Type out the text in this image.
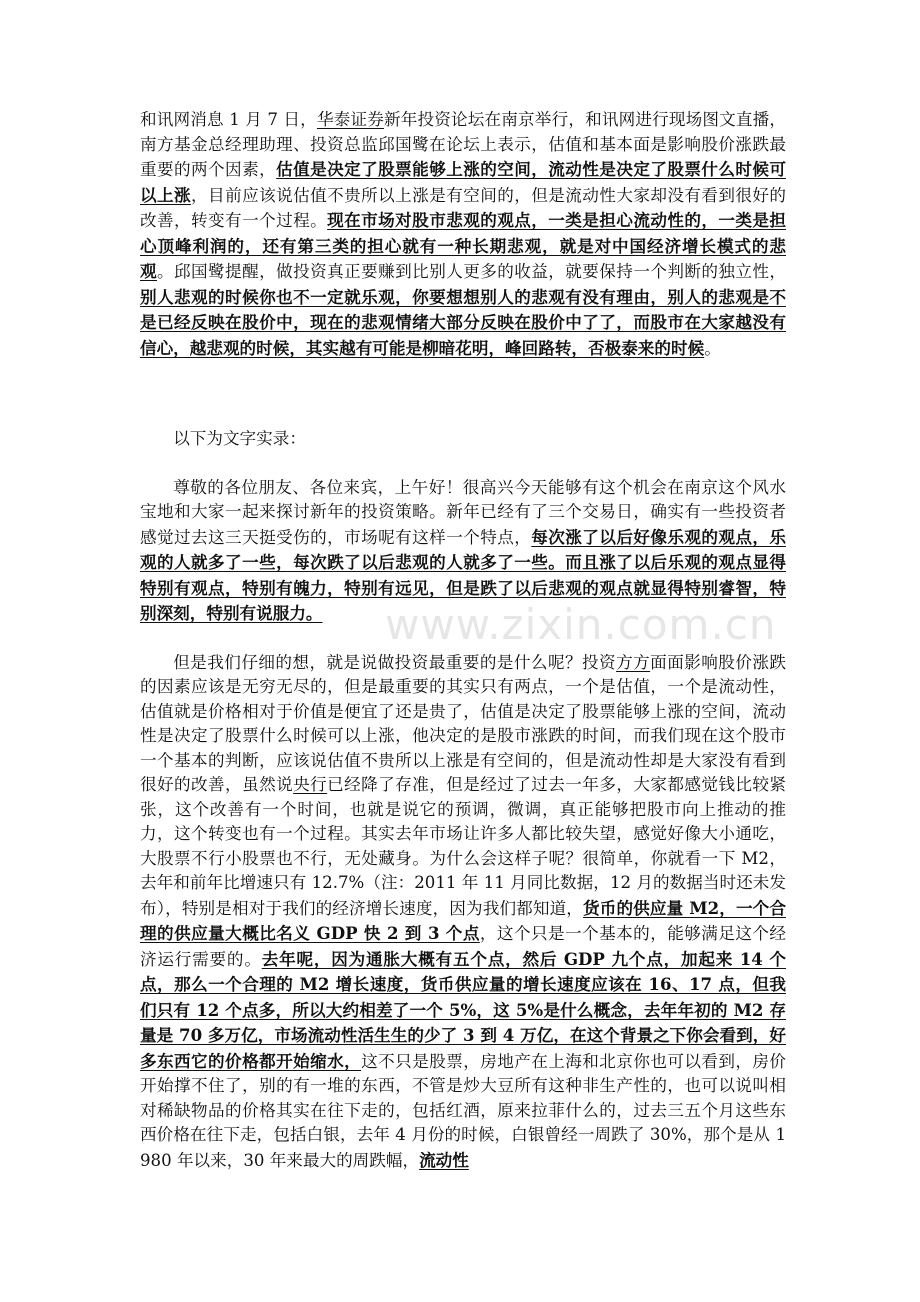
和讯网消息 1 月 7 日，华泰证券新年投资论坛在南京举行，和讯网进行现场图文直播，南方基金总经理助理、投资总监邱国鹭在论坛上表示，估值和基本面是影响股价涨跌最重要的两个因素，估值是决定了股票能够上涨的空间，流动性是决定了股票什么时候可以上涨，目前应该说估值不贵所以上涨是有空间的，但是流动性大家却没有看到很好的改善，转变有一个过程。现在市场对股市悲观的观点，一类是担心流动性的，一类是担心顶峰利润的，还有第三类的担心就有一种长期悲观，就是对中国经济增长模式的悲观。邱国鹭提醒，做投资真正要赚到比别人更多的收益，就要保持一个判断的独立性，别人悲观的时候你也不一定就乐观，你要想想别人的悲观有没有理由，别人的悲观是不是已经反映在股价中，现在的悲观情绪大部分反映在股价中了了，而股市在大家越没有信心，越悲观的时候，其实越有可能是柳暗花明，峰回路转，否极泰来的时候。

以下为文字实录：

尊敬的各位朋友、各位来宾，上午好！很高兴今天能够有这个机会在南京这个风水宝地和大家一起来探讨新年的投资策略。新年已经有了三个交易日，确实有一些投资者感觉过去这三天挺受伤的，市场呢有这样一个特点，每次涨了以后好像乐观的观点，乐观的人就多了一些，每次跌了以后悲观的人就多了一些。而且涨了以后乐观的观点显得特别有观点，特别有魄力，特别有远见，但是跌了以后悲观的观点就显得特别睿智，特别深刻，特别有说服力。

但是我们仔细的想，就是说做投资最重要的是什么呢？投资方方面面影响股价涨跌的因素应该是无穷无尽的，但是最重要的其实只有两点，一个是估值，一个是流动性，估值就是价格相对于价值是便宜了还是贵了，估值是决定了股票能够上涨的空间，流动性是决定了股票什么时候可以上涨，他决定的是股市涨跌的时间，而我们现在这个股市一个基本的判断，应该说估值不贵所以上涨是有空间的，但是流动性却是大家没有看到很好的改善，虽然说央行已经降了存准，但是经过了过去一年多，大家都感觉钱比较紧张，这个改善有一个时间，也就是说它的预调，微调，真正能够把股市向上推动的推力，这个转变也有一个过程。其实去年市场让许多人都比较失望，感觉好像大小通吃，大股票不行小股票也不行，无处藏身。为什么会这样子呢？很简单，你就看一下 M2，去年和前年比增速只有 12.7%（注：2011 年 11 月同比数据，12 月的数据当时还未发布），特别是相对于我们的经济增长速度，因为我们都知道，货币的供应量 M2，一个合理的供应量大概比名义 GDP 快 2 到 3 个点，这个只是一个基本的，能够满足这个经济运行需要的。去年呢，因为通胀大概有五个点，然后 GDP 九个点，加起来 14 个点，那么一个合理的 M2 增长速度，货币供应量的增长速度应该在 16、17 点，但我们只有 12 个点多，所以大约相差了一个 5%，这 5%是什么概念，去年年初的 M2 存量是 70 多万亿，市场流动性活生生的少了 3 到 4 万亿，在这个背景之下你会看到，好多东西它的价格都开始缩水，这不只是股票，房地产在上海和北京你也可以看到，房价开始撑不住了，别的有一堆的东西，不管是炒大豆所有这种非生产性的，也可以说叫相对稀缺物品的价格其实在往下走的，包括红酒，原来拉菲什么的，过去三五个月这些东西价格在往下走，包括白银，去年 4 月份的时候，白银曾经一周跌了 30%，那个是从 1980 年以来，30 年来最大的周跌幅，流动性

www.zixin.com.cn
